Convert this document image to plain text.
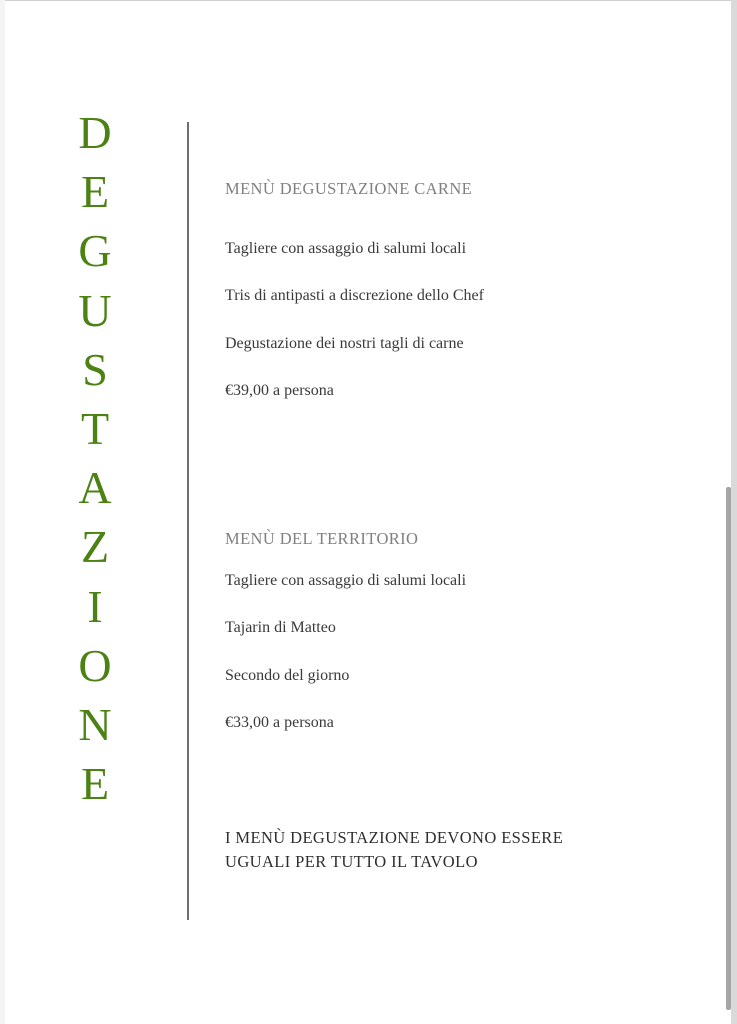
D
E
G
U
S
T
A
Z
I
O
N
E
MENÙ DEGUSTAZIONE CARNE
Tagliere con assaggio di salumi locali
Tris di antipasti a discrezione dello Chef
Degustazione dei nostri tagli di carne
€39,00 a persona
MENÙ DEL TERRITORIO
Tagliere con assaggio di salumi locali
Tajarin di Matteo
Secondo del giorno
€33,00 a persona
I MENÙ DEGUSTAZIONE DEVONO ESSERE
UGUALI PER TUTTO IL TAVOLO
